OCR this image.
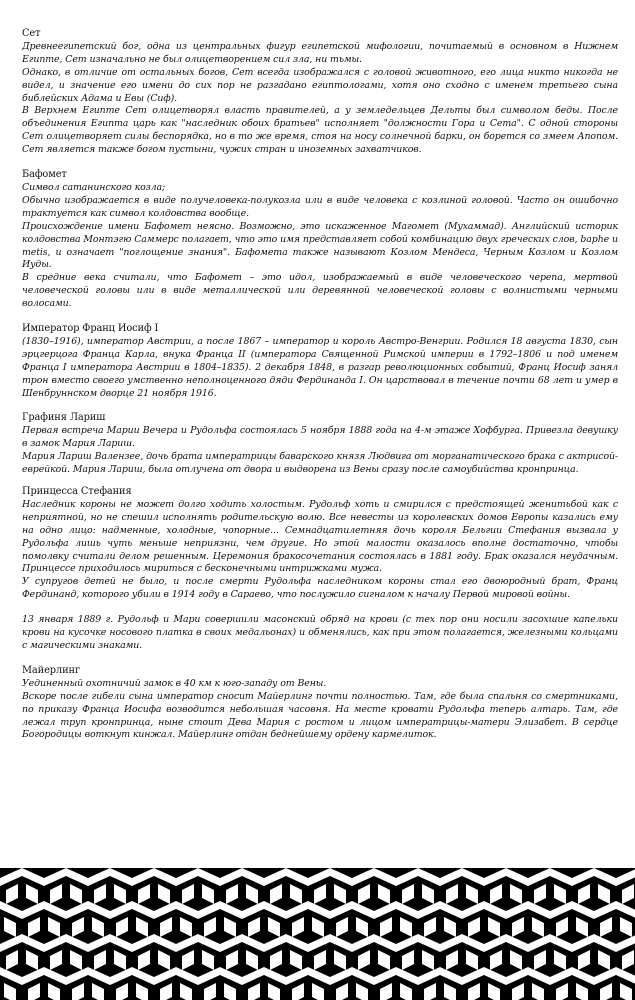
Сет

Древнеегипетский бог, одна из центральных фигур египетской мифологии, почитаемый в основном в Нижнем Египте, Сет изначально не был олицетворением сил зла, ни тьмы.

Однако, в отличие от остальных богов, Сет всегда изображался с головой животного, его лица никто никогда не видел, и значение его имени до сих пор не разгадано египтологами, хотя оно сходно с именем третьего сына библейских Адама и Евы (Сиф).

В Верхнем Египте Сет олицетворял власть правителей, а у земледельцев Дельты был символом беды. После объединения Египта царь как "наследник обоих братьев" исполняет "должности Гора и Сета". С одной стороны Сет олицетворяет силы беспорядка, но в то же время, стоя на носу солнечной барки, он борется со змеем Апопом. Сет является также богом пустыни, чужих стран и иноземных захватчиков.

Бафомет

Символ сатанинского козла;

Обычно изображается в виде получеловека-полукозла или в виде человека с козлиной головой. Часто он ошибочно трактуется как символ колдовства вообще.

Происхождение имени Бафомет неясно. Возможно, это искаженное Магомет (Мухаммад). Английский историк колдовства Монтэгю Саммерс полагает, что это имя представляет собой комбинацию двух греческих слов, baphe и metis, и означает "поглощение знания". Бафомета также называют Козлом Мендеса, Черным Козлом и Козлом Иуды.

В средние века считали, что Бафомет – это идол, изображаемый в виде человеческого черепа, мертвой человеческой головы или в виде металлической или деревянной человеческой головы с волнистыми черными волосами.

Император Франц Иосиф I

(1830–1916), император Австрии, а после 1867 – император и король Австро-Венгрии. Родился 18 августа 1830, сын эрцгерцога Франца Карла, внука Франца II (императора Священной Римской империи в 1792–1806 и под именем Франца I императора Австрии в 1804–1835). 2 декабря 1848, в разгар революционных событий, Франц Иосиф занял трон вместо своего умственно неполноценного дяди Фердинанда I. Он царствовал в течение почти 68 лет и умер в Шенбруннском дворце 21 ноября 1916.

Графиня Лариш

Первая встреча Марии Вечера и Рудольфа состоялась 5 ноября 1888 года на 4-м этаже Хофбурга. Привезла девушку в замок Мария Лариш.

Мария Лариш Валензее, дочь брата императрицы баварского князя Людвига от морганатического брака с актрисой-еврейкой. Мария Лариш, была отлучена от двора и выдворена из Вены сразу после самоубийства кронпринца.

Принцесса Стефания

Наследник короны не может долго ходить холостым. Рудольф хоть и смирился с предстоящей женитьбой как с неприятной, но не спешил исполнять родительскую волю. Все невесты из королевских домов Европы казались ему на одно лицо: надменные, холодные, чопорные... Семнадцатилетняя дочь короля Бельгии Стефания вызвала у Рудольфа лишь чуть меньше неприязни, чем другие. Но этой малости оказалось вполне достаточно, чтобы помолвку считали делом решенным. Церемония бракосочетания состоялась в 1881 году. Брак оказался неудачным. Принцессе приходилось мириться с бесконечными интрижками мужа.

У супругов детей не было, и после смерти Рудольфа наследником короны стал его двоюродный брат, Франц Фердинанд, которого убили в 1914 году в Сараево, что послужило сигналом к началу Первой мировой войны.

13 января 1889 г. Рудольф и Мари совершили масонский обряд на крови (с тех пор они носили засохшие капельки крови на кусочке носового платка в своих медальонах) и обменялись, как при этом полагается, железными кольцами с магическими знаками.

Майерлинг

Уединенный охотничий замок в 40 км к юго-западу от Вены.

Вскоре после гибели сына император сносит Майерлинг почти полностью. Там, где была спальня со смертниками, по приказу Франца Иосифа возводится небольшая часовня. На месте кровати Рудольфа теперь алтарь. Там, где лежал труп кронпринца, ныне стоит Дева Мария с ростом и лицом императрицы-матери Элизабет. В сердце Богородицы воткнут кинжал. Майерлинг отдан беднейшему ордену кармелиток.
